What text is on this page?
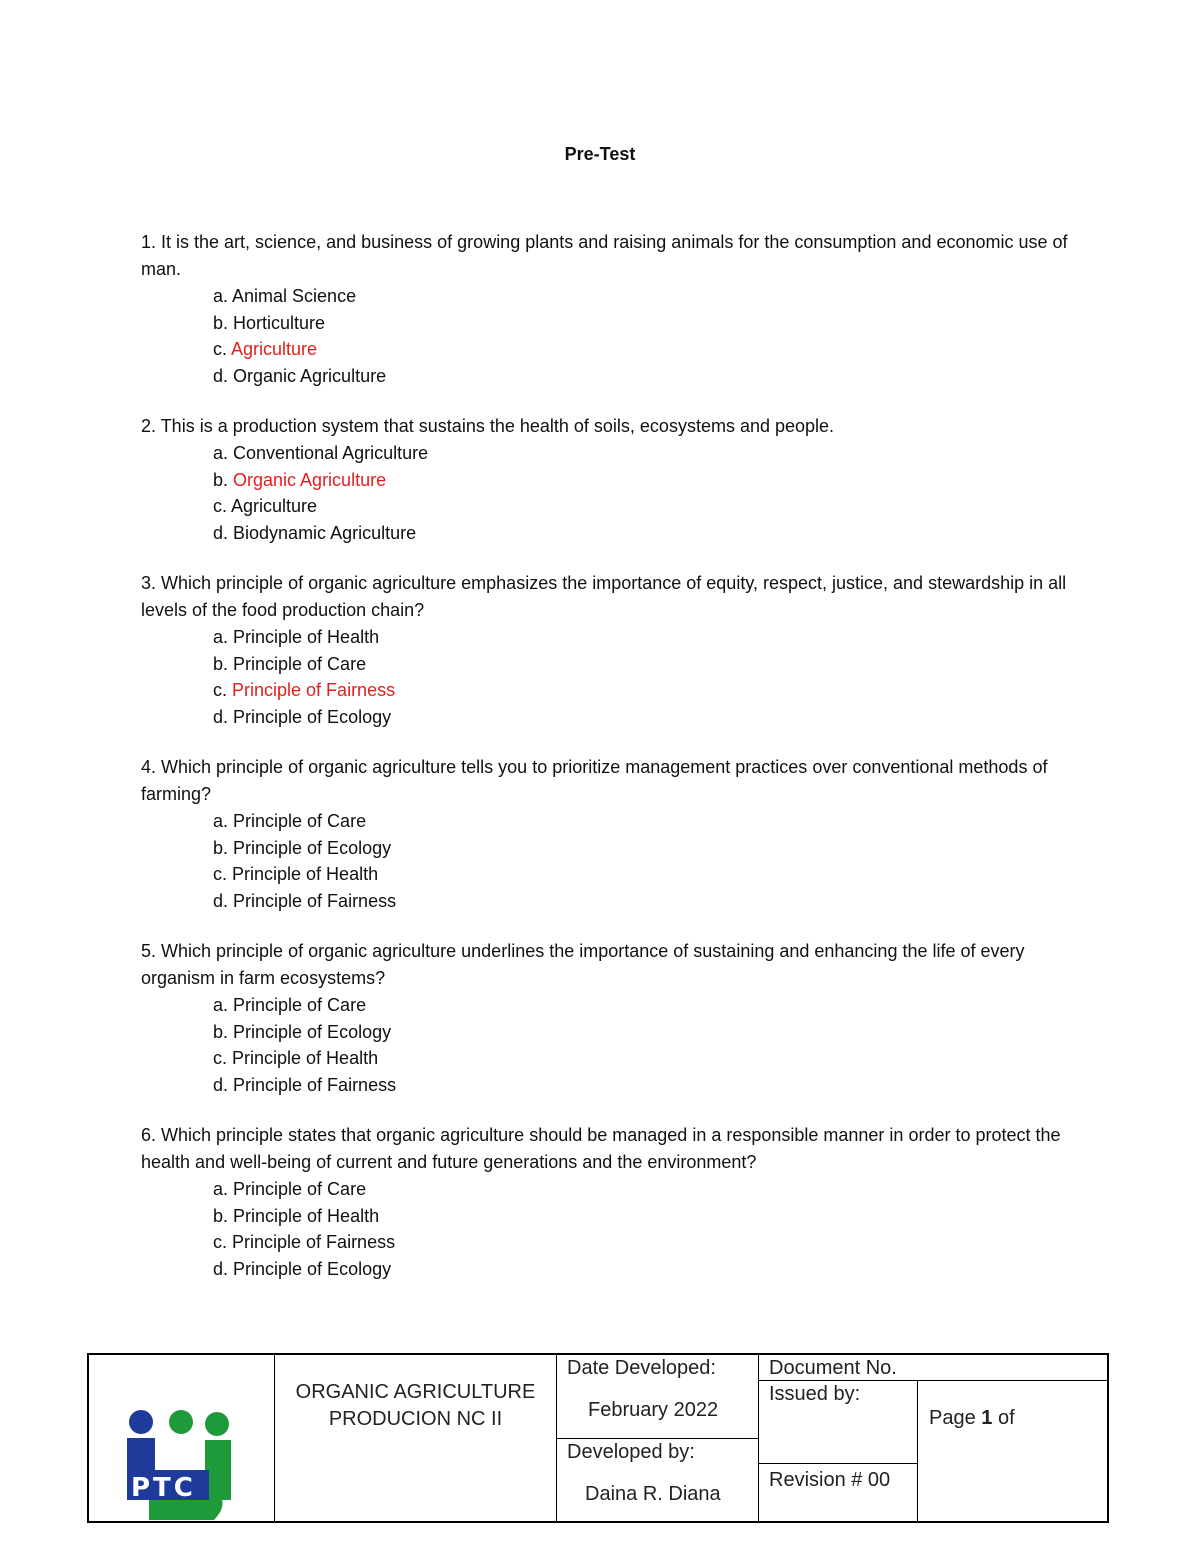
Pre-Test
1. It is the art, science, and business of growing plants and raising animals for the consumption and economic use of man.
a. Animal Science
b. Horticulture
c. Agriculture
d. Organic Agriculture
2. This is a production system that sustains the health of soils, ecosystems and people.
a. Conventional Agriculture
b. Organic Agriculture
c. Agriculture
d. Biodynamic Agriculture
3. Which principle of organic agriculture emphasizes the importance of equity, respect, justice, and stewardship in all levels of the food production chain?
a. Principle of Health
b. Principle of Care
c. Principle of Fairness
d. Principle of Ecology
4. Which principle of organic agriculture tells you to prioritize management practices over conventional methods of farming?
a. Principle of Care
b. Principle of Ecology
c. Principle of Health
d. Principle of Fairness
5. Which principle of organic agriculture underlines the importance of sustaining and enhancing the life of every organism in farm ecosystems?
a. Principle of Care
b. Principle of Ecology
c. Principle of Health
d. Principle of Fairness
6. Which principle states that organic agriculture should be managed in a responsible manner in order to protect the health and well-being of current and future generations and the environment?
a. Principle of Care
b. Principle of Health
c. Principle of Fairness
d. Principle of Ecology
PTC
ORGANIC AGRICULTURE
PRODUCION NC II
Date Developed:
February 2022
Developed by:
Daina R. Diana
Document No.
Issued by:
Revision # 00
Page 1 of
